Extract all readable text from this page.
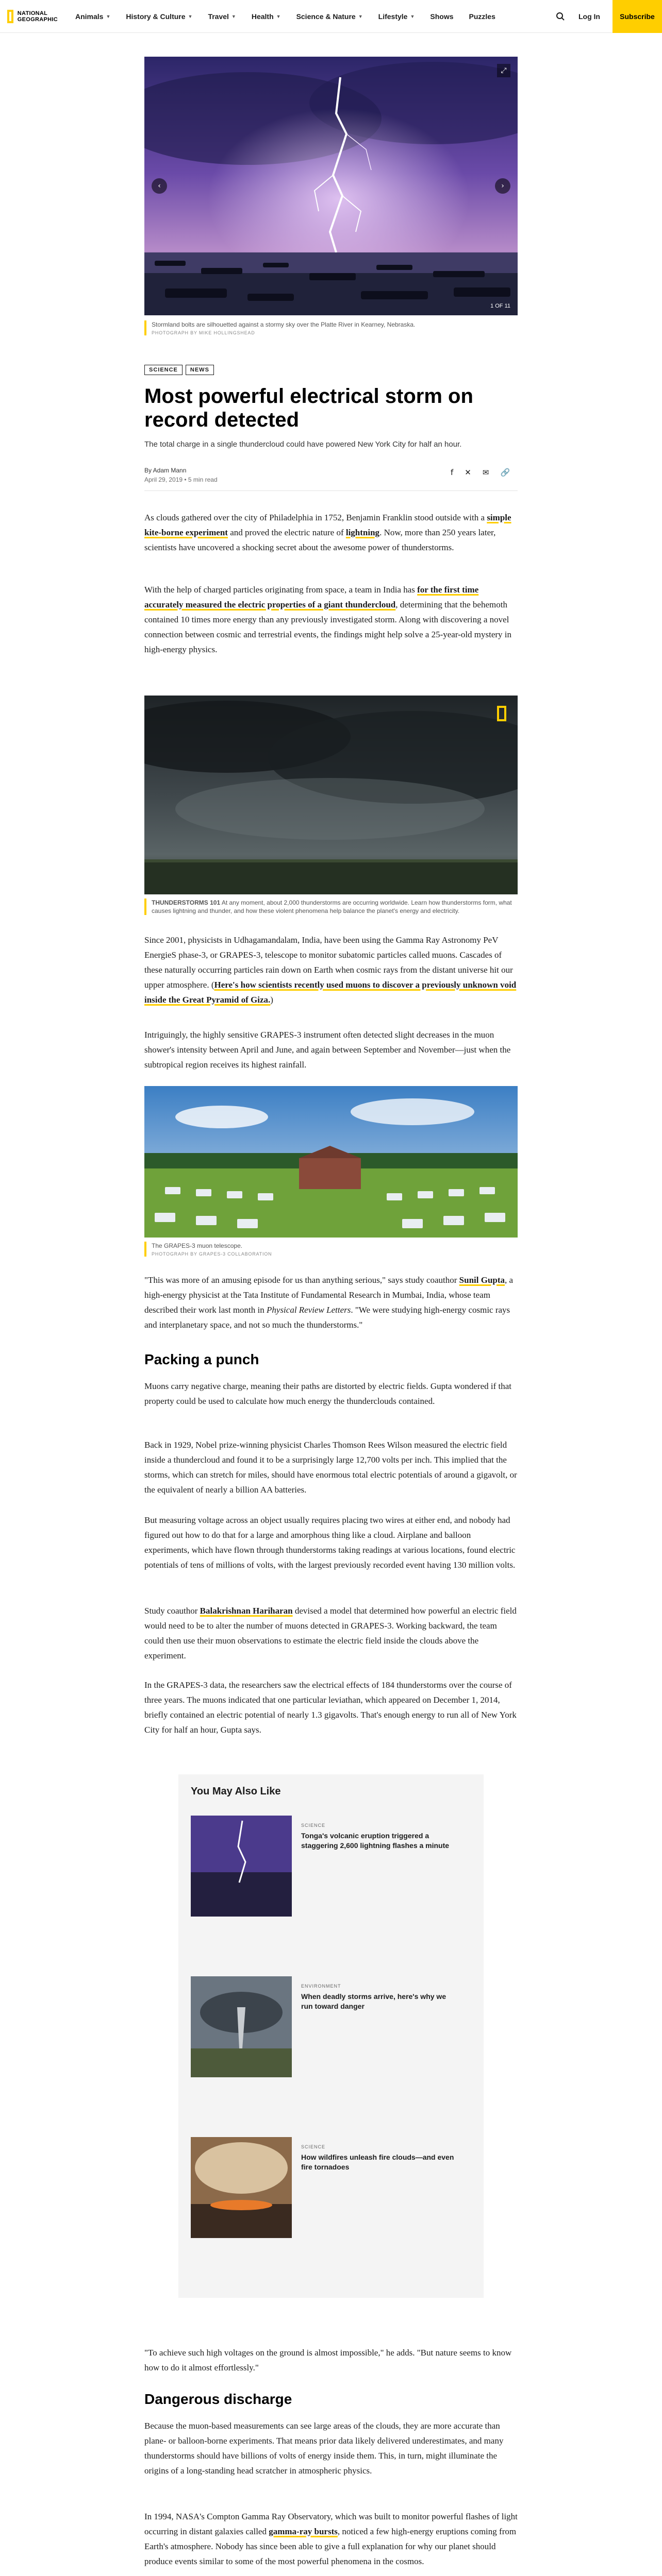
NATIONAL GEOGRAPHIC	Animals ▼ History & Culture ▼ Travel ▼ Health ▼ Science & Nature ▼ Lifestyle ▼ Shows Puzzles	Log In	Subscribe
‹	›
⤢
1 OF 11
Stormland bolts are silhouetted against a stormy sky over the Platte River in Kearney, Nebraska.
PHOTOGRAPH BY MIKE HOLLINGSHEAD
SCIENCE	NEWS
Most powerful electrical storm on record detected
The total charge in a single thundercloud could have powered New York City for half an hour.
By Adam Mann
April 29, 2019 • 5 min read
f ✕ ✉ 🔗

As clouds gathered over the city of Philadelphia in 1752, Benjamin Franklin stood outside with a simple kite-borne experiment and proved the electric nature of lightning. Now, more than 250 years later, scientists have uncovered a shocking secret about the awesome power of thunderstorms.

With the help of charged particles originating from space, a team in India has for the first time accurately measured the electric properties of a giant thundercloud, determining that the behemoth contained 10 times more energy than any previously investigated storm. Along with discovering a novel connection between cosmic and terrestrial events, the findings might help solve a 25-year-old mystery in high-energy physics.

THUNDERSTORMS 101 At any moment, about 2,000 thunderstorms are occurring worldwide. Learn how thunderstorms form, what causes lightning and thunder, and how these violent phenomena help balance the planet's energy and electricity.

Since 2001, physicists in Udhagamandalam, India, have been using the Gamma Ray Astronomy PeV EnergieS phase-3, or GRAPES-3, telescope to monitor subatomic particles called muons. Cascades of these naturally occurring particles rain down on Earth when cosmic rays from the distant universe hit our upper atmosphere. (Here's how scientists recently used muons to discover a previously unknown void inside the Great Pyramid of Giza.)

Intriguingly, the highly sensitive GRAPES-3 instrument often detected slight decreases in the muon shower's intensity between April and June, and again between September and November—just when the subtropical region receives its highest rainfall.

The GRAPES-3 muon telescope.
PHOTOGRAPH BY GRAPES-3 COLLABORATION

"This was more of an amusing episode for us than anything serious," says study coauthor Sunil Gupta, a high-energy physicist at the Tata Institute of Fundamental Research in Mumbai, India, whose team described their work last month in Physical Review Letters. "We were studying high-energy cosmic rays and interplanetary space, and not so much the thunderstorms."

Packing a punch

Muons carry negative charge, meaning their paths are distorted by electric fields. Gupta wondered if that property could be used to calculate how much energy the thunderclouds contained.

Back in 1929, Nobel prize-winning physicist Charles Thomson Rees Wilson measured the electric field inside a thundercloud and found it to be a surprisingly large 12,700 volts per inch. This implied that the storms, which can stretch for miles, should have enormous total electric potentials of around a gigavolt, or the equivalent of nearly a billion AA batteries.

But measuring voltage across an object usually requires placing two wires at either end, and nobody had figured out how to do that for a large and amorphous thing like a cloud. Airplane and balloon experiments, which have flown through thunderstorms taking readings at various locations, found electric potentials of tens of millions of volts, with the largest previously recorded event having 130 million volts.

Study coauthor Balakrishnan Hariharan devised a model that determined how powerful an electric field would need to be to alter the number of muons detected in GRAPES-3. Working backward, the team could then use their muon observations to estimate the electric field inside the clouds above the experiment.

In the GRAPES-3 data, the researchers saw the electrical effects of 184 thunderstorms over the course of three years. The muons indicated that one particular leviathan, which appeared on December 1, 2014, briefly contained an electric potential of nearly 1.3 gigavolts. That's enough energy to run all of New York City for half an hour, Gupta says.

You May Also Like
SCIENCE
Tonga's volcanic eruption triggered a staggering 2,600 lightning flashes a minute
ENVIRONMENT
When deadly storms arrive, here's why we run toward danger
SCIENCE
How wildfires unleash fire clouds—and even fire tornadoes

"To achieve such high voltages on the ground is almost impossible," he adds. "But nature seems to know how to do it almost effortlessly."

Dangerous discharge

Because the muon-based measurements can see large areas of the clouds, they are more accurate than plane- or balloon-borne experiments. That means prior data likely delivered underestimates, and many thunderstorms should have billions of volts of energy inside them. This, in turn, might illuminate the origins of a long-standing head scratcher in atmospheric physics.

In 1994, NASA's Compton Gamma Ray Observatory, which was built to monitor powerful flashes of light occurring in distant galaxies called gamma-ray bursts, noticed a few high-energy eruptions coming from Earth's atmosphere. Nobody has since been able to give a full explanation for why our planet should produce events similar to some of the most powerful phenomena in the cosmos.
